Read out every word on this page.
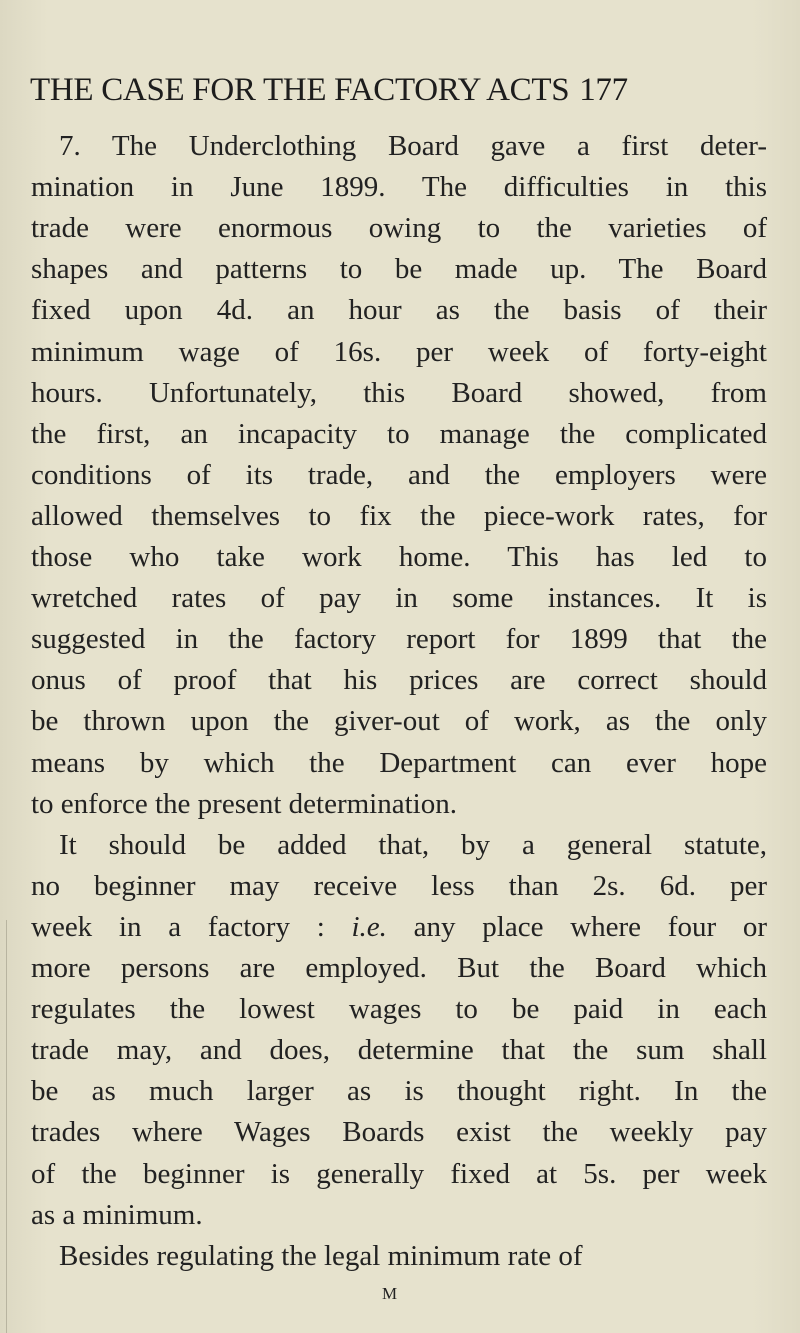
THE CASE FOR THE FACTORY ACTS 177
7. The Underclothing Board gave a first deter-
mination in June 1899. The difficulties in this
trade were enormous owing to the varieties of
shapes and patterns to be made up. The Board
fixed upon 4d. an hour as the basis of their
minimum wage of 16s. per week of forty-eight
hours. Unfortunately, this Board showed, from
the first, an incapacity to manage the complicated
conditions of its trade, and the employers were
allowed themselves to fix the piece-work rates, for
those who take work home. This has led to
wretched rates of pay in some instances. It is
suggested in the factory report for 1899 that the
onus of proof that his prices are correct should
be thrown upon the giver-out of work, as the only
means by which the Department can ever hope
to enforce the present determination.
It should be added that, by a general statute,
no beginner may receive less than 2s. 6d. per
week in a factory : i.e. any place where four or
more persons are employed. But the Board which
regulates the lowest wages to be paid in each
trade may, and does, determine that the sum shall
be as much larger as is thought right. In the
trades where Wages Boards exist the weekly pay
of the beginner is generally fixed at 5s. per week
as a minimum.
Besides regulating the legal minimum rate of
M
